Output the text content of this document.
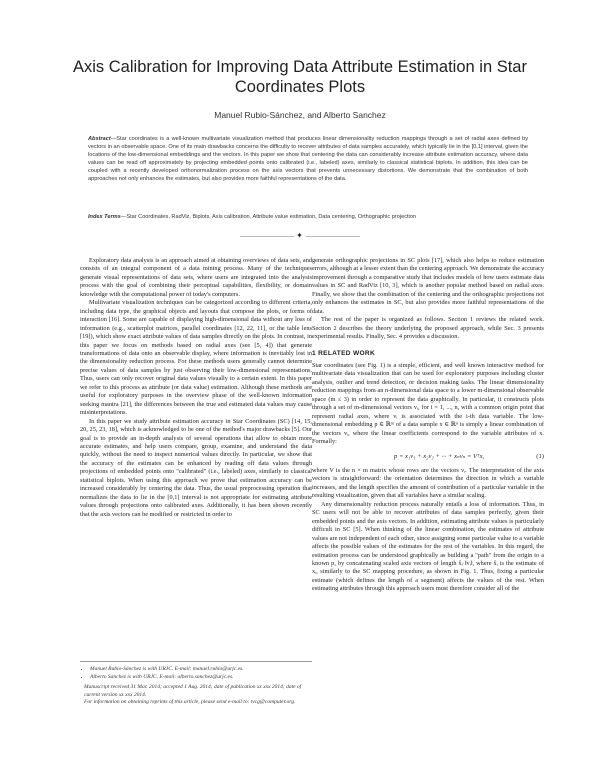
Axis Calibration for Improving Data Attribute Estimation in Star Coordinates Plots
Manuel Rubio-Sánchez, and Alberto Sanchez
Abstract—Star coordinates is a well-known multivariate visualization method that produces linear dimensionality reduction mappings through a set of radial axes defined by vectors in an observable space. One of its main drawbacks concerns the difficulty to recover attributes of data samples accurately, which typically lie in the [0,1] interval, given the locations of the low-dimensional embeddings and the vectors. In this paper we show that centering the data can considerably increase attribute estimation accuracy, where data values can be read off approximately by projecting embedded points onto calibrated (i.e., labeled) axes, similarly to classical statistical biplots. In addition, this idea can be coupled with a recently developed orthonormalization process on the axis vectors that prevents unnecessary distortions. We demonstrate that the combination of both approaches not only enhances the estimates, but also provides more faithful representations of the data.
Index Terms—Star Coordinates, RadViz, Biplots, Axis calibration, Attribute value estimation, Data centering, Orthographic projection
✦

Exploratory data analysis is an approach aimed at obtaining overviews of data sets, and consists of an integral component of a data mining process. Many of the techniques generate visual representations of data sets, where users are integrated into the analysis process with the goal of combining their perceptual capabilities, flexibility, or domain knowledge with the computational power of today's computers.

Multivariate visualization techniques can be categorized according to different criteria, including data type, the graphical objects and layouts that compose the plots, or forms of interaction [16]. Some are capable of displaying high-dimensional data without any loss of information (e.g., scatterplot matrices, parallel coordinates [12, 22, 11], or the table lens [19]), which show exact attribute values of data samples directly on the plots. In contrast, in this paper we focus on methods based on radial axes (see [5, 4]) that generate transformations of data onto an observable display, where information is inevitably lost in the dimensionality reduction process. For these methods users generally cannot determine precise values of data samples by just observing their low-dimensional representations. Thus, users can only recover original data values visually to a certain extent. In this paper we refer to this process as attribute (or data value) estimation. Although these methods are useful for exploratory purposes in the overview phase of the well-known information seeking mantra [21], the differences between the true and estimated data values may cause misinterpretations.

In this paper we study attribute estimation accuracy in Star Coordinates (SC) [14, 15, 20, 25, 23, 18], which is acknowledged to be one of the method's major drawbacks [5]. Our goal is to provide an in-depth analysis of several operations that allow to obtain more accurate estimates, and help users compare, group, examine, and understand the data quickly, without the need to inspect numerical values directly. In particular, we show that the accuracy of the estimates can be enhanced by reading off data values through projections of embedded points onto "calibrated" (i.e., labeled) axes, similarly to classical statistical biplots. When using this approach we prove that estimation accuracy can be increased considerably by centering the data. Thus, the usual preprocessing operation that normalizes the data to lie in the [0,1] interval is not appropriate for estimating attribute values through projections onto calibrated axes. Additionally, it has been shown recently that the axis vectors can be modified or restricted in order to

generate orthographic projections in SC plots [17], which also helps to reduce estimation errors, although at a lesser extent than the centering approach. We demonstrate the accuracy improvement through a comparative study that includes models of how users estimate data values in SC and RadViz [10, 3], which is another popular method based on radial axes. Finally, we show that the combination of the centering and the orthographic projections not only enhances the estimates in SC, but also provides more faithful representations of the data.

The rest of the paper is organized as follows. Section 1 reviews the related work. Section 2 describes the theory underlying the proposed approach, while Sec. 3 presents experimental results. Finally, Sec. 4 provides a discussion.

1 RELATED WORK

Star coordinates (see Fig. 1) is a simple, efficient, and well known interactive method for multivariate data visualization that can be used for exploratory purposes including cluster analysis, outlier and trend detection, or decision making tasks. The linear dimensionality reduction mappings from an n-dimensional data space to a lower m-dimensional observable space (m ≤ 3) in order to represent the data graphically. In particular, it constructs plots through a set of m-dimensional vectors vᵢ, for i = 1, ..., n, with a common origin point that represent radial axes, where vᵢ is associated with the i-th data variable. The low-dimensional embedding p ∈ ℝᵐ of a data sample x ∈ ℝⁿ is simply a linear combination of the vectors vᵢ, where the linear coefficients correspond to the variable attributes of x. Formally:

p = x₁v₁ + x₂v₂ + ··· + xₙvₙ = Vᵀx,	(1)

where V is the n × m matrix whose rows are the vectors vᵢ. The interpretation of the axis vectors is straightforward: the orientation determines the direction in which a variable increases, and the length specifies the amount of contribution of a particular variable in the resulting visualization, given that all variables have a similar scaling.

Any dimensionality reduction process naturally entails a loss of information. Thus, in SC users will not be able to recover attributes of data samples perfectly, given their embedded points and the axis vectors. In addition, estimating attribute values is particularly difficult in SC [5]. When thinking of the linear combination, the estimates of attribute values are not independent of each other, since assigning some particular value to a variable affects the possible values of the estimates for the rest of the variables. In this regard, the estimation process can be understood graphically as building a "path" from the origin to a known p, by concatenating scaled axis vectors of length x̂ᵢ·‖vᵢ‖, where x̂ᵢ is the estimate of xᵢ, similarly to the SC mapping procedure, as shown in Fig. 1. Thus, fixing a particular estimate (which defines the length of a segment) affects the values of the rest. When estimating attributes through this approach users must therefore consider all of the

• Manuel Rubio-Sánchez is with URJC. E-mail: manuel.rubio@urjc.es.
• Alberto Sanchez is with URJC. E-mail: alberto.sanchez@urjc.es.
Manuscript received 31 Mar. 2014; accepted 1 Aug. 2014; date of publication xx xxx 2014; date of current version xx xxx 2014.
For information on obtaining reprints of this article, please send e-mail to: tvcg@computer.org.
